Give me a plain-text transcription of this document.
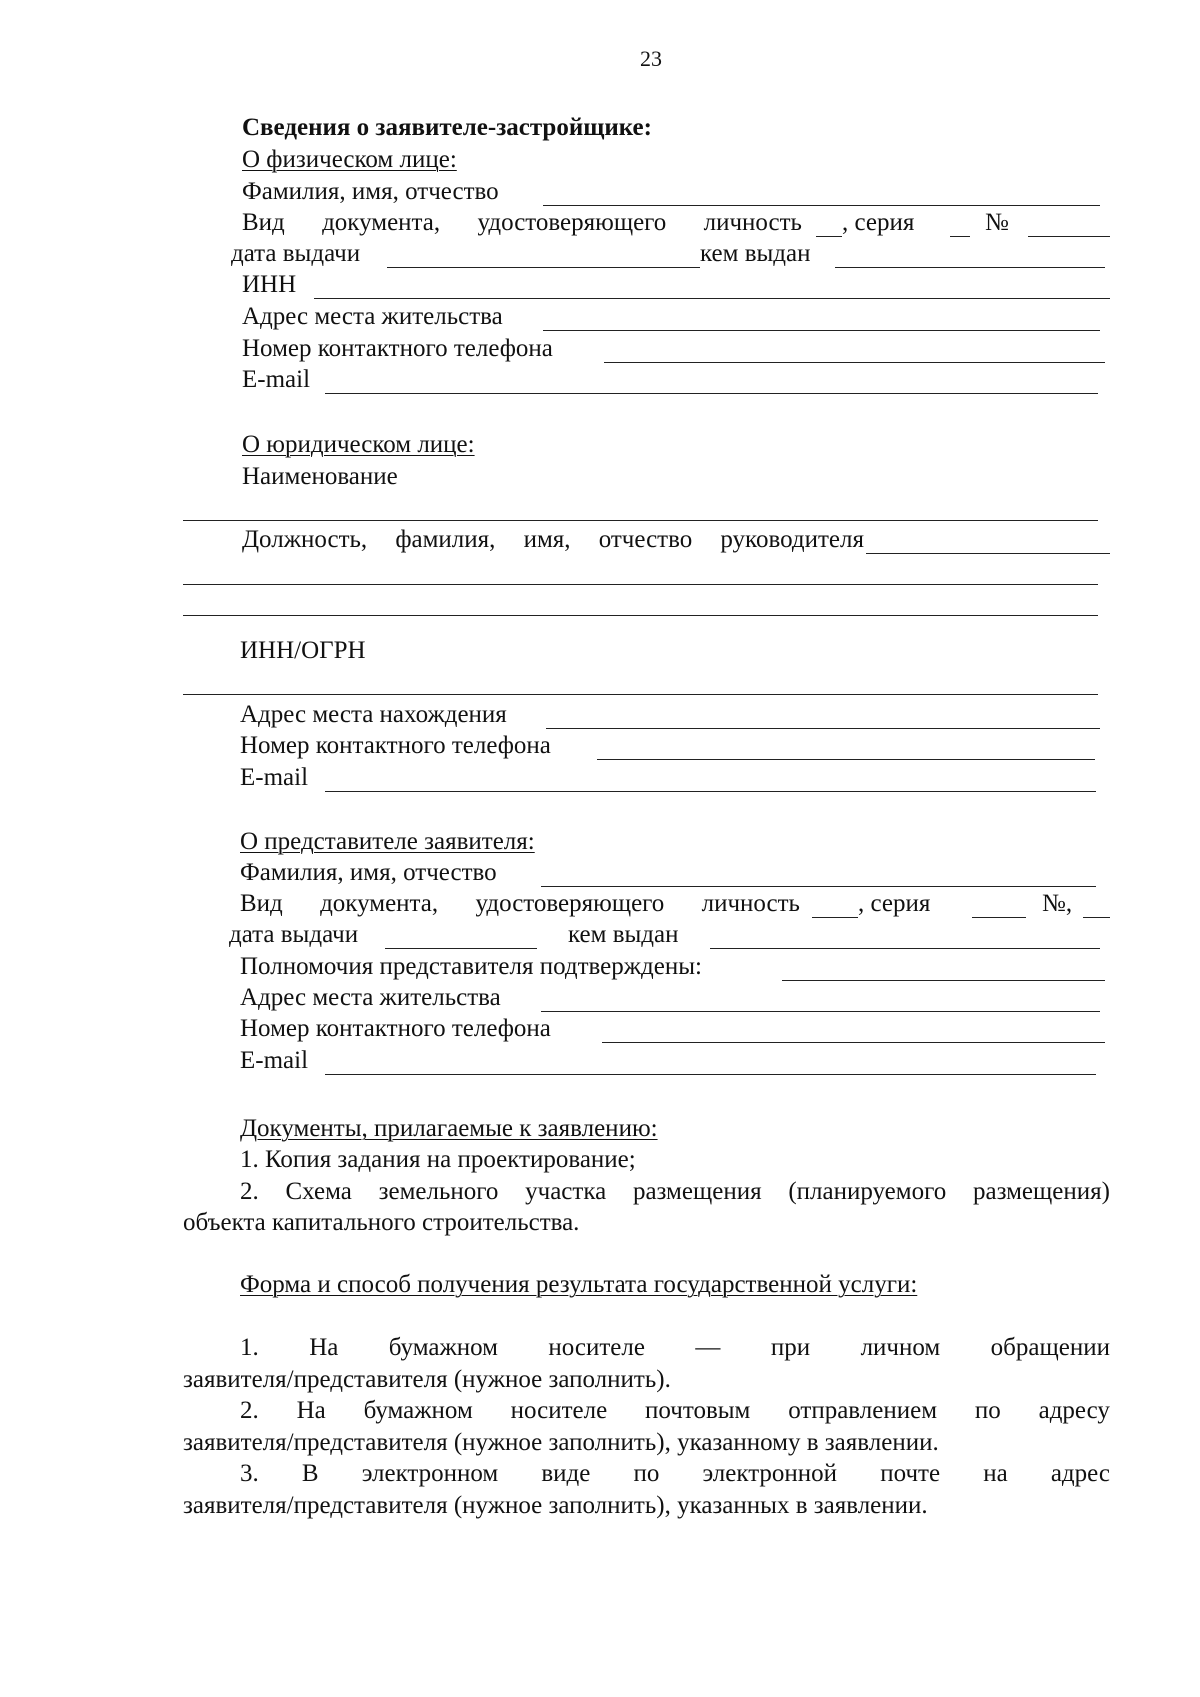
23
Сведения о заявителе-застройщике:
О физическом лице:
Фамилия, имя, отчество
Вид документа, удостоверяющего личность , серия	№
дата выдачи	кем выдан
ИНН
Адрес места жительства
Номер контактного телефона
E-mail
О юридическом лице:
Наименование
Должность, фамилия, имя, отчество руководителя
ИНН/ОГРН
Адрес места нахождения
Номер контактного телефона
E-mail
О представителе заявителя:
Фамилия, имя, отчество
Вид документа, удостоверяющего личность , серия	№,
дата выдачи	кем выдан
Полномочия представителя подтверждены:
Адрес места жительства
Номер контактного телефона
E-mail
Документы, прилагаемые к заявлению:
1. Копия задания на проектирование;
2. Схема земельного участка размещения (планируемого размещения)
объекта капитального строительства.
Форма и способ получения результата государственной услуги:
1. На бумажном носителе — при личном обращении
заявителя/представителя (нужное заполнить).
2. На бумажном носителе почтовым отправлением по адресу
заявителя/представителя (нужное заполнить), указанному в заявлении.
3. В электронном виде по электронной почте на адрес
заявителя/представителя (нужное заполнить), указанных в заявлении.
